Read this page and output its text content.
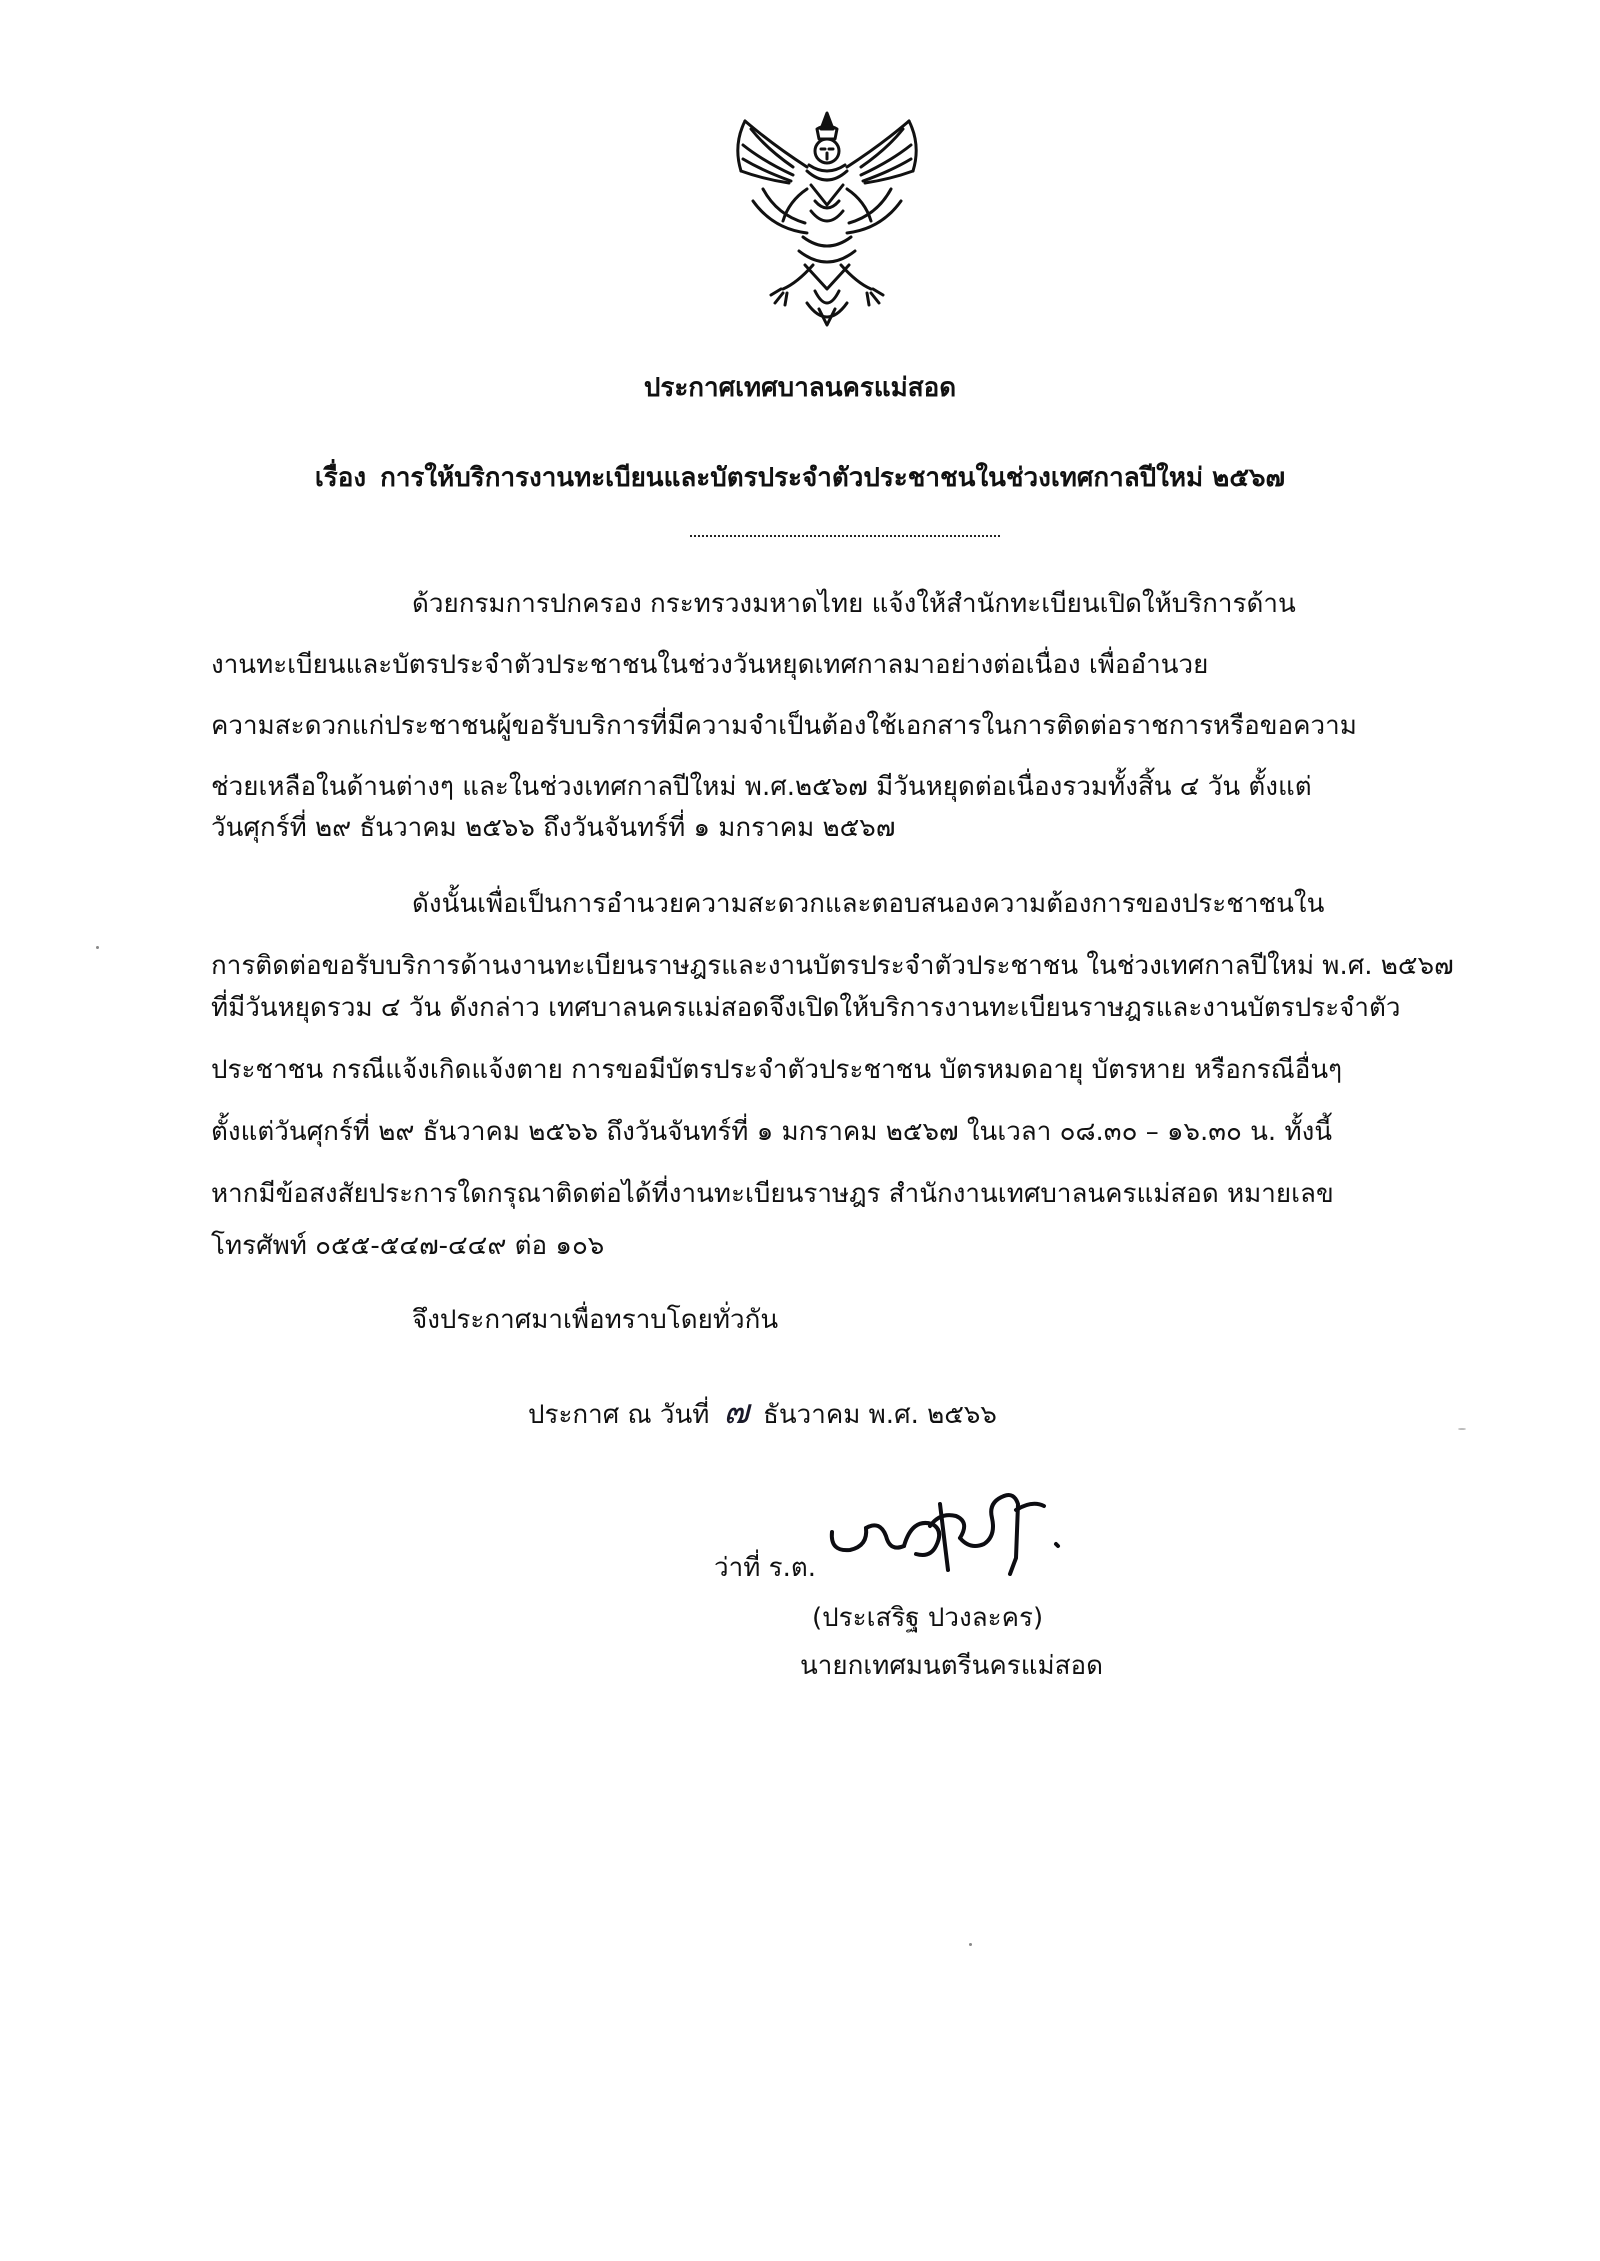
ประกาศเทศบาลนครแม่สอด
เรื่อง การให้บริการงานทะเบียนและบัตรประจำตัวประชาชนในช่วงเทศกาลปีใหม่ ๒๕๖๗
ด้วยกรมการปกครอง กระทรวงมหาดไทย แจ้งให้สำนักทะเบียนเปิดให้บริการด้าน
งานทะเบียนและบัตรประจำตัวประชาชนในช่วงวันหยุดเทศกาลมาอย่างต่อเนื่อง เพื่ออำนวย
ความสะดวกแก่ประชาชนผู้ขอรับบริการที่มีความจำเป็นต้องใช้เอกสารในการติดต่อราชการหรือขอความ
ช่วยเหลือในด้านต่างๆ และในช่วงเทศกาลปีใหม่ พ.ศ.๒๕๖๗ มีวันหยุดต่อเนื่องรวมทั้งสิ้น ๔ วัน ตั้งแต่
วันศุกร์ที่ ๒๙ ธันวาคม ๒๕๖๖ ถึงวันจันทร์ที่ ๑ มกราคม ๒๕๖๗
ดังนั้นเพื่อเป็นการอำนวยความสะดวกและตอบสนองความต้องการของประชาชนใน
การติดต่อขอรับบริการด้านงานทะเบียนราษฎรและงานบัตรประจำตัวประชาชน ในช่วงเทศกาลปีใหม่ พ.ศ. ๒๕๖๗
ที่มีวันหยุดรวม ๔ วัน ดังกล่าว เทศบาลนครแม่สอดจึงเปิดให้บริการงานทะเบียนราษฎรและงานบัตรประจำตัว
ประชาชน กรณีแจ้งเกิดแจ้งตาย การขอมีบัตรประจำตัวประชาชน บัตรหมดอายุ บัตรหาย หรือกรณีอื่นๆ
ตั้งแต่วันศุกร์ที่ ๒๙ ธันวาคม ๒๕๖๖ ถึงวันจันทร์ที่ ๑ มกราคม ๒๕๖๗ ในเวลา ๐๘.๓๐ – ๑๖.๓๐ น. ทั้งนี้
หากมีข้อสงสัยประการใดกรุณาติดต่อได้ที่งานทะเบียนราษฎร สำนักงานเทศบาลนครแม่สอด หมายเลข
โทรศัพท์ ๐๕๕-๕๔๗-๔๔๙ ต่อ ๑๐๖
จึงประกาศมาเพื่อทราบโดยทั่วกัน
ประกาศ ณ วันที่ ๗ ธันวาคม พ.ศ. ๒๕๖๖
ว่าที่ ร.ต.
(ประเสริฐ ปวงละคร)
นายกเทศมนตรีนครแม่สอด
